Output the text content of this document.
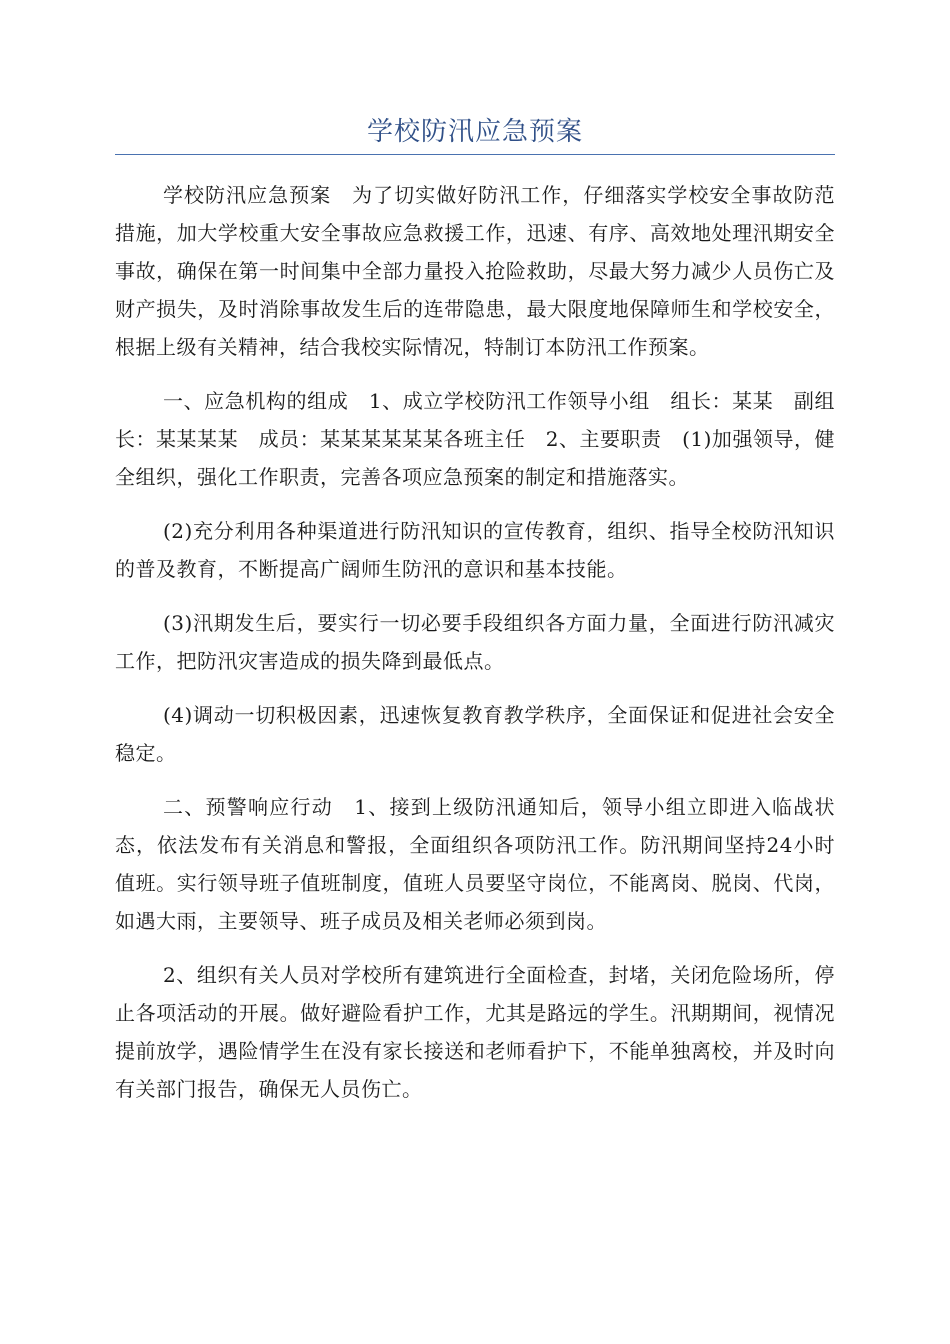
学校防汛应急预案

学校防汛应急预案　为了切实做好防汛工作，仔细落实学校安全事故防范措施，加大学校重大安全事故应急救援工作，迅速、有序、高效地处理汛期安全事故，确保在第一时间集中全部力量投入抢险救助，尽最大努力减少人员伤亡及财产损失，及时消除事故发生后的连带隐患，最大限度地保障师生和学校安全，根据上级有关精神，结合我校实际情况，特制订本防汛工作预案。

一、应急机构的组成　1、成立学校防汛工作领导小组　组长：某某　副组长：某某某某　成员：某某某某某某各班主任　2、主要职责　(1)加强领导，健全组织，强化工作职责，完善各项应急预案的制定和措施落实。

(2)充分利用各种渠道进行防汛知识的宣传教育，组织、指导全校防汛知识的普及教育，不断提高广阔师生防汛的意识和基本技能。

(3)汛期发生后，要实行一切必要手段组织各方面力量，全面进行防汛减灾工作，把防汛灾害造成的损失降到最低点。

(4)调动一切积极因素，迅速恢复教育教学秩序，全面保证和促进社会安全稳定。

二、预警响应行动　1、接到上级防汛通知后，领导小组立即进入临战状态，依法发布有关消息和警报，全面组织各项防汛工作。防汛期间坚持24小时值班。实行领导班子值班制度，值班人员要坚守岗位，不能离岗、脱岗、代岗，如遇大雨，主要领导、班子成员及相关老师必须到岗。

2、组织有关人员对学校所有建筑进行全面检查，封堵，关闭危险场所，停止各项活动的开展。做好避险看护工作，尤其是路远的学生。汛期期间，视情况提前放学，遇险情学生在没有家长接送和老师看护下，不能单独离校，并及时向有关部门报告，确保无人员伤亡。
